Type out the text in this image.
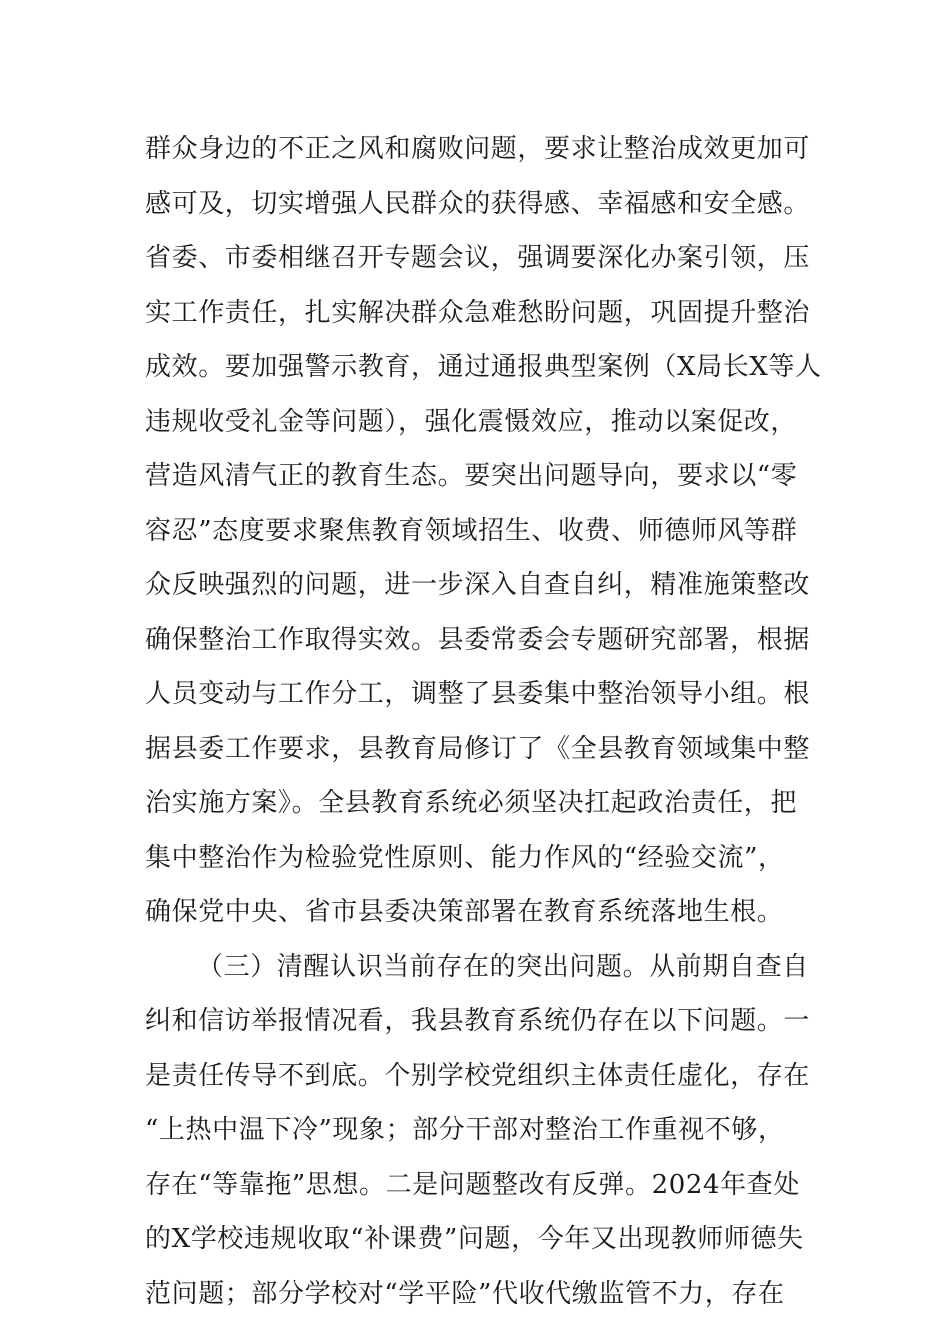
群众身边的不正之风和腐败问题，要求让整治成效更加可
感可及，切实增强人民群众的获得感、幸福感和安全感。
省委、市委相继召开专题会议，强调要深化办案引领，压
实工作责任，扎实解决群众急难愁盼问题，巩固提升整治
成效。要加强警示教育，通过通报典型案例（X局长X等人
违规收受礼金等问题），强化震慑效应，推动以案促改，
营造风清气正的教育生态。要突出问题导向，要求以“零
容忍”态度要求聚焦教育领域招生、收费、师德师风等群
众反映强烈的问题，进一步深入自查自纠，精准施策整改
确保整治工作取得实效。县委常委会专题研究部署，根据
人员变动与工作分工，调整了县委集中整治领导小组。根
据县委工作要求，县教育局修订了《全县教育领域集中整
治实施方案》。全县教育系统必须坚决扛起政治责任，把
集中整治作为检验党性原则、能力作风的“经验交流”，
确保党中央、省市县委决策部署在教育系统落地生根。
（三）清醒认识当前存在的突出问题。从前期自查自
纠和信访举报情况看，我县教育系统仍存在以下问题。一
是责任传导不到底。个别学校党组织主体责任虚化，存在
“上热中温下冷”现象；部分干部对整治工作重视不够，
存在“等靠拖”思想。二是问题整改有反弹。2024年查处
的X学校违规收取“补课费”问题，今年又出现教师师德失
范问题；部分学校对“学平险”代收代缴监管不力，存在
